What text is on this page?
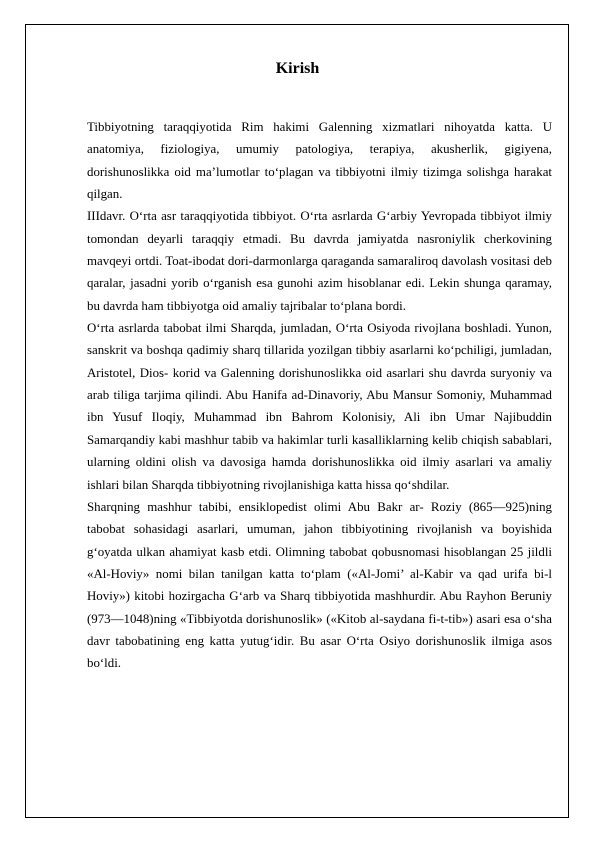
Kirish

Tibbiyotning taraqqiyotida Rim hakimi Galenning xizmatlari nihoyatda katta. U anatomiya, fiziologiya, umumiy patologiya, terapiya, akusherlik, gigiyena, dorishunoslikka oid ma’lumotlar to‘plagan va tibbiyotni ilmiy tizimga solishga harakat qilgan.

IIIdavr. O‘rta asr taraqqiyotida tibbiyot. O‘rta asrlarda G‘arbiy Yevropada tibbiyot ilmiy tomondan deyarli taraqqiy etmadi. Bu davrda jamiyatda nasroniylik cherkovining mavqeyi ortdi. Toat-ibodat dori-darmonlarga qaraganda samaraliroq davolash vositasi deb qaralar, jasadni yorib o‘rganish esa gunohi azim hisoblanar edi. Lekin shunga qaramay, bu davrda ham tibbiyotga oid amaliy tajribalar to‘plana bordi.

O‘rta asrlarda tabobat ilmi Sharqda, jumladan, O‘rta Osiyoda rivojlana boshladi. Yunon, sanskrit va boshqa qadimiy sharq tillarida yozilgan tibbiy asarlarni ko‘pchiligi, jumladan, Aristotel, Dios- korid va Galenning dorishunoslikka oid asarlari shu davrda suryoniy va arab tiliga tarjima qilindi. Abu Hanifa ad-Dinavoriy, Abu Mansur Somoniy, Muhammad ibn Yusuf Iloqiy, Muhammad ibn Bahrom Kolonisiy, Ali ibn Umar Najibuddin Samarqandiy kabi mashhur tabib va hakimlar turli kasalliklarning kelib chiqish sabablari, ularning oldini olish va davosiga hamda dorishunoslikka oid ilmiy asarlari va amaliy ishlari bilan Sharqda tibbiyotning rivojlanishiga katta hissa qo‘shdilar.

Sharqning mashhur tabibi, ensiklopedist olimi Abu Bakr ar- Roziy (865—925)ning tabobat sohasidagi asarlari, umuman, jahon tibbiyotining rivojlanish va boyishida g‘oyatda ulkan ahamiyat kasb etdi. Olimning tabobat qobusnomasi hisoblangan 25 jildli «Al-Hoviy» nomi bilan tanilgan katta to‘plam («Al-Jomi’ al-Kabir va qad urifa bi-l Hoviy») kitobi hozirgacha G‘arb va Sharq tibbiyotida mashhurdir. Abu Rayhon Beruniy (973—1048)ning «Tibbiyotda dorishunoslik» («Kitob al-saydana fi-t-tib») asari esa o‘sha davr tabobatining eng katta yutug‘idir. Bu asar O‘rta Osiyo dorishunoslik ilmiga asos bo‘ldi.
